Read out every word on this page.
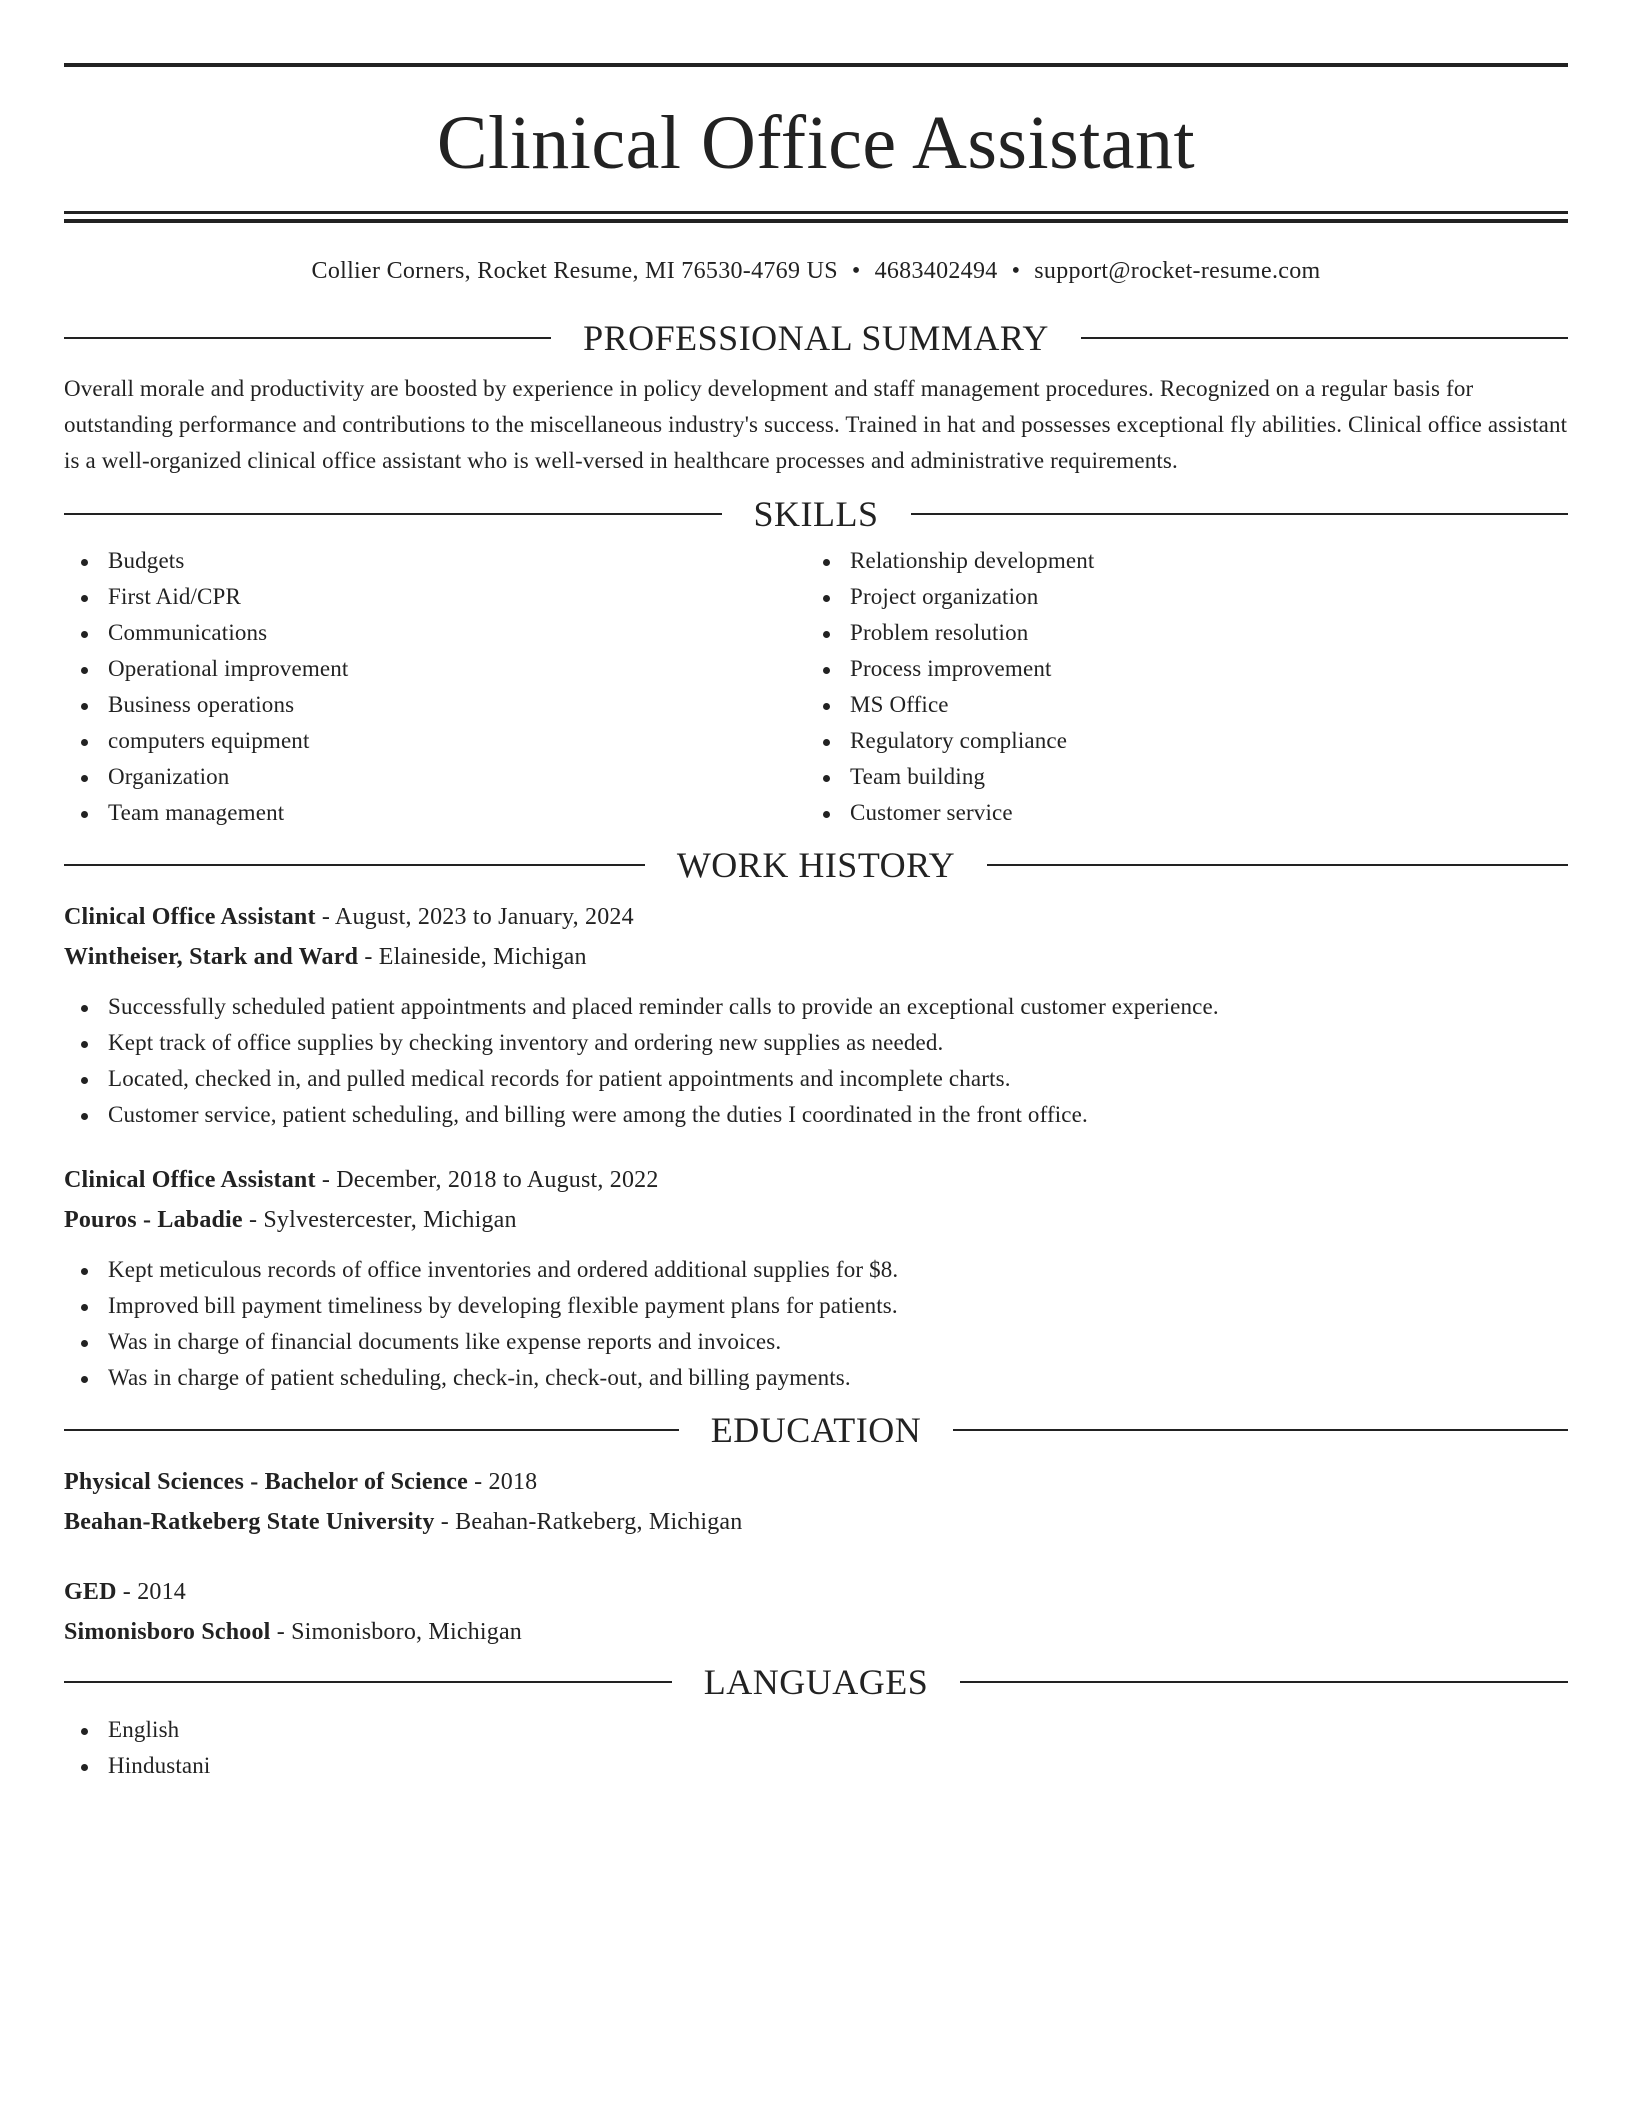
Clinical Office Assistant
Collier Corners, Rocket Resume, MI 76530-4769 US • 4683402494 • support@rocket-resume.com
PROFESSIONAL SUMMARY

Overall morale and productivity are boosted by experience in policy development and staff management procedures. Recognized on a regular basis for outstanding performance and contributions to the miscellaneous industry's success. Trained in hat and possesses exceptional fly abilities. Clinical office assistant is a well-organized clinical office assistant who is well-versed in healthcare processes and administrative requirements.

SKILLS
Budgets
First Aid/CPR
Communications
Operational improvement
Business operations
computers equipment
Organization
Team management
Relationship development
Project organization
Problem resolution
Process improvement
MS Office
Regulatory compliance
Team building
Customer service
WORK HISTORY
Clinical Office Assistant - August, 2023 to January, 2024
Wintheiser, Stark and Ward - Elaineside, Michigan
Successfully scheduled patient appointments and placed reminder calls to provide an exceptional customer experience.
Kept track of office supplies by checking inventory and ordering new supplies as needed.
Located, checked in, and pulled medical records for patient appointments and incomplete charts.
Customer service, patient scheduling, and billing were among the duties I coordinated in the front office.
Clinical Office Assistant - December, 2018 to August, 2022
Pouros - Labadie - Sylvestercester, Michigan
Kept meticulous records of office inventories and ordered additional supplies for $8.
Improved bill payment timeliness by developing flexible payment plans for patients.
Was in charge of financial documents like expense reports and invoices.
Was in charge of patient scheduling, check-in, check-out, and billing payments.
EDUCATION
Physical Sciences - Bachelor of Science - 2018
Beahan-Ratkeberg State University - Beahan-Ratkeberg, Michigan
GED - 2014
Simonisboro School - Simonisboro, Michigan
LANGUAGES
English
Hindustani
